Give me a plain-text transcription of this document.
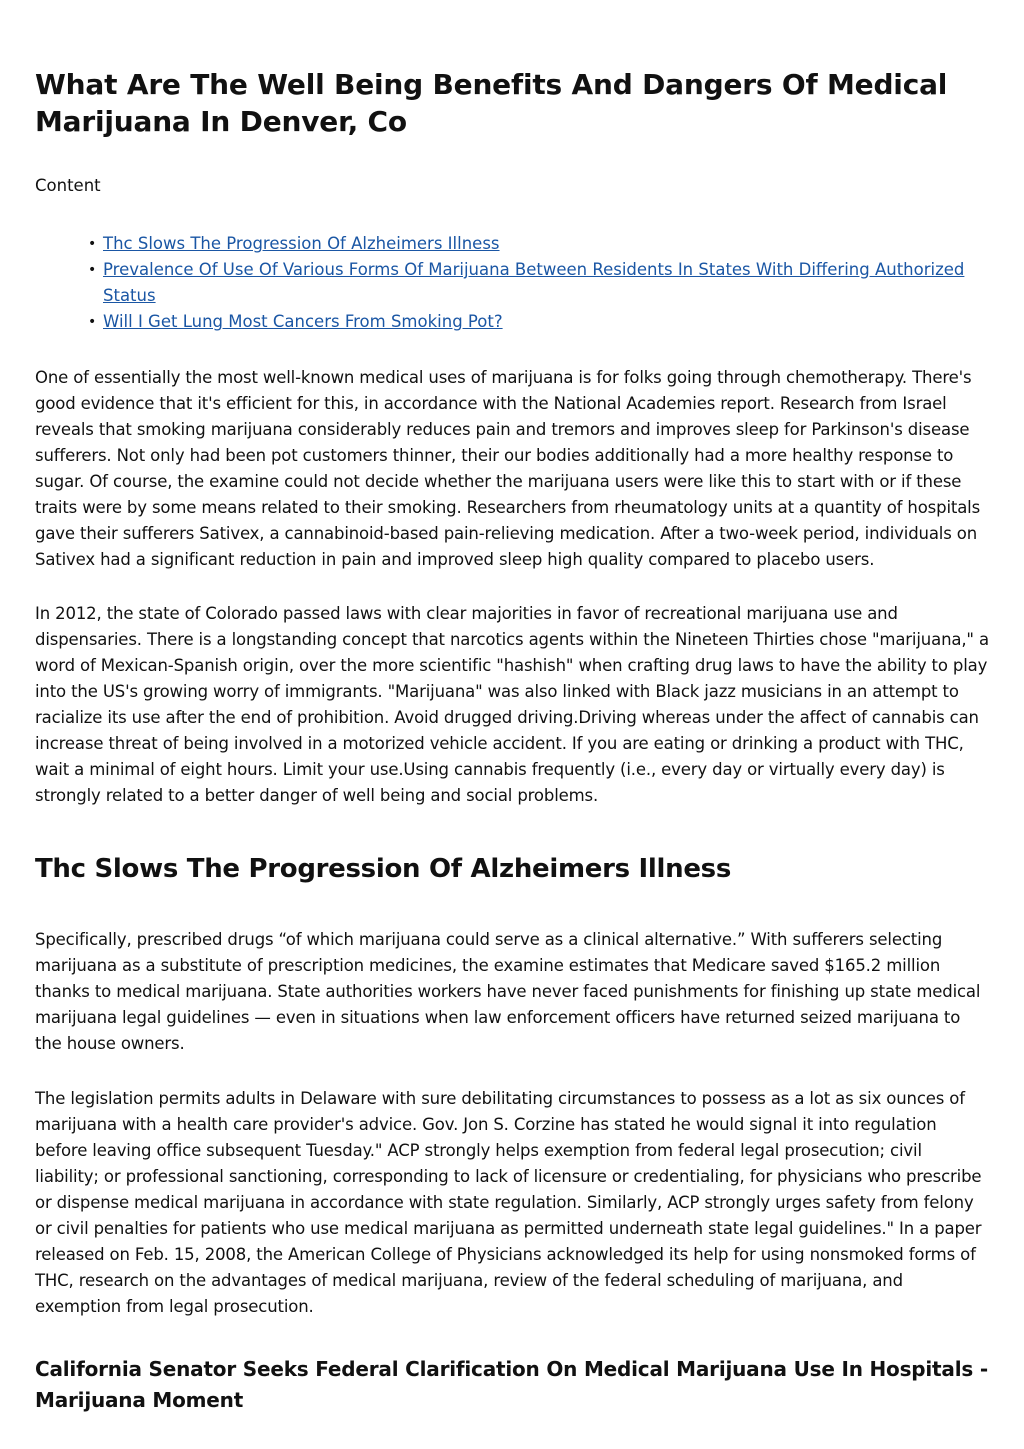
What Are The Well Being Benefits And Dangers Of Medical Marijuana In Denver, Co

Content

• Thc Slows The Progression Of Alzheimers Illness
• Prevalence Of Use Of Various Forms Of Marijuana Between Residents In States With Differing Authorized Status
• Will I Get Lung Most Cancers From Smoking Pot?

One of essentially the most well-known medical uses of marijuana is for folks going through chemotherapy. There's good evidence that it's efficient for this, in accordance with the National Academies report. Research from Israel reveals that smoking marijuana considerably reduces pain and tremors and improves sleep for Parkinson's disease sufferers. Not only had been pot customers thinner, their our bodies additionally had a more healthy response to sugar. Of course, the examine could not decide whether the marijuana users were like this to start with or if these traits were by some means related to their smoking. Researchers from rheumatology units at a quantity of hospitals gave their sufferers Sativex, a cannabinoid-based pain-relieving medication. After a two-week period, individuals on Sativex had a significant reduction in pain and improved sleep high quality compared to placebo users.

In 2012, the state of Colorado passed laws with clear majorities in favor of recreational marijuana use and dispensaries. There is a longstanding concept that narcotics agents within the Nineteen Thirties chose "marijuana," a word of Mexican-Spanish origin, over the more scientific "hashish" when crafting drug laws to have the ability to play into the US's growing worry of immigrants. "Marijuana" was also linked with Black jazz musicians in an attempt to racialize its use after the end of prohibition. Avoid drugged driving.Driving whereas under the affect of cannabis can increase threat of being involved in a motorized vehicle accident. If you are eating or drinking a product with THC, wait a minimal of eight hours. Limit your use.Using cannabis frequently (i.e., every day or virtually every day) is strongly related to a better danger of well being and social problems.

Thc Slows The Progression Of Alzheimers Illness

Specifically, prescribed drugs “of which marijuana could serve as a clinical alternative.” With sufferers selecting marijuana as a substitute of prescription medicines, the examine estimates that Medicare saved $165.2 million thanks to medical marijuana. State authorities workers have never faced punishments for finishing up state medical marijuana legal guidelines — even in situations when law enforcement officers have returned seized marijuana to the house owners.

The legislation permits adults in Delaware with sure debilitating circumstances to possess as a lot as six ounces of marijuana with a health care provider's advice. Gov. Jon S. Corzine has stated he would signal it into regulation before leaving office subsequent Tuesday." ACP strongly helps exemption from federal legal prosecution; civil liability; or professional sanctioning, corresponding to lack of licensure or credentialing, for physicians who prescribe or dispense medical marijuana in accordance with state regulation. Similarly, ACP strongly urges safety from felony or civil penalties for patients who use medical marijuana as permitted underneath state legal guidelines." In a paper released on Feb. 15, 2008, the American College of Physicians acknowledged its help for using nonsmoked forms of THC, research on the advantages of medical marijuana, review of the federal scheduling of marijuana, and exemption from legal prosecution.

California Senator Seeks Federal Clarification On Medical Marijuana Use In Hospitals - Marijuana Moment
